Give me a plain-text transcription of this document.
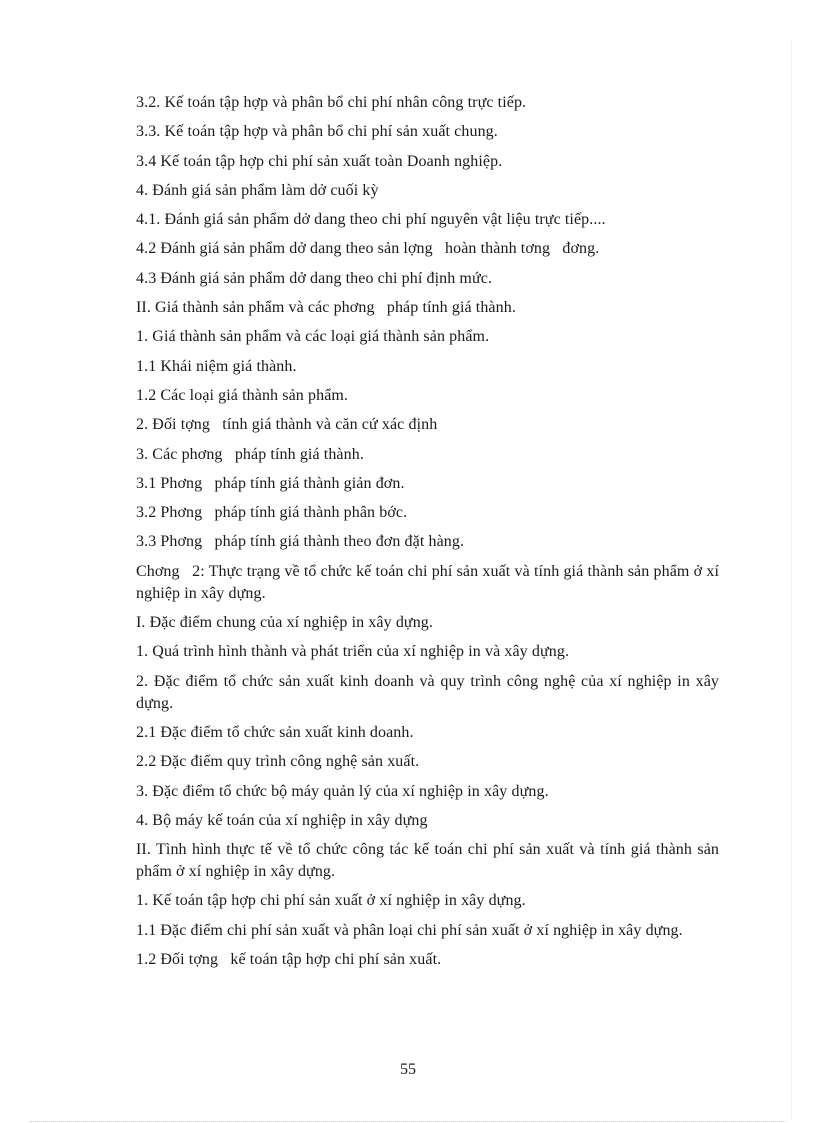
3.2. Kế toán tập hợp và phân bổ chi phí nhân công trực tiếp.

3.3. Kế toán tập hợp và phân bổ chi phí sản xuất chung.

3.4 Kế toán tập hợp chi phí sản xuất toàn Doanh nghiệp.

4. Đánh giá sản phẩm làm dở cuối kỳ

4.1. Đánh giá sản phẩm dở dang theo chi phí nguyên vật liệu trực tiếp....

4.2 Đánh giá sản phẩm dở dang theo sản lợng   hoàn thành tơng   đơng.

4.3 Đánh giá sản phẩm dở dang theo chi phí định mức.

II. Giá thành sản phẩm và các phơng   pháp tính giá thành.

1. Giá thành sản phẩm và các loại giá thành sản phẩm.

1.1 Khái niệm giá thành.

1.2 Các loại giá thành sản phẩm.

2. Đối tợng   tính giá thành và căn cứ xác định

3. Các phơng   pháp tính giá thành.

3.1 Phơng   pháp tính giá thành giản đơn.

3.2 Phơng   pháp tính giá thành phân bớc.

3.3 Phơng   pháp tính giá thành theo đơn đặt hàng.

Chơng   2: Thực trạng về tổ chức kế toán chi phí sản xuất và tính giá thành sản phẩm ở xí nghiệp in xây dựng.

I. Đặc điểm chung của xí nghiệp in xây dựng.

1. Quá trình hình thành và phát triển của xí nghiệp in và xây dựng.

2. Đặc điểm tổ chức sản xuất kinh doanh và quy trình công nghệ của xí nghiệp in xây dựng.

2.1 Đặc điểm tổ chức sản xuất kinh doanh.

2.2 Đặc điểm quy trình công nghệ sản xuất.

3. Đặc điểm tổ chức bộ máy quản lý của xí nghiệp in xây dựng.

4. Bộ máy kế toán của xí nghiệp in xây dựng

II. Tình hình thực tế về tổ chức công tác kế toán chi phí sản xuất và tính giá thành sản phẩm ở xí nghiệp in xây dựng.

1. Kế toán tập hợp chi phí sản xuất ở xí nghiệp in xây dựng.

1.1 Đặc điểm chi phí sản xuất và phân loại chi phí sản xuất ở xí nghiệp in xây dựng.

1.2 Đối tợng   kế toán tập hợp chi phí sản xuất.

55
